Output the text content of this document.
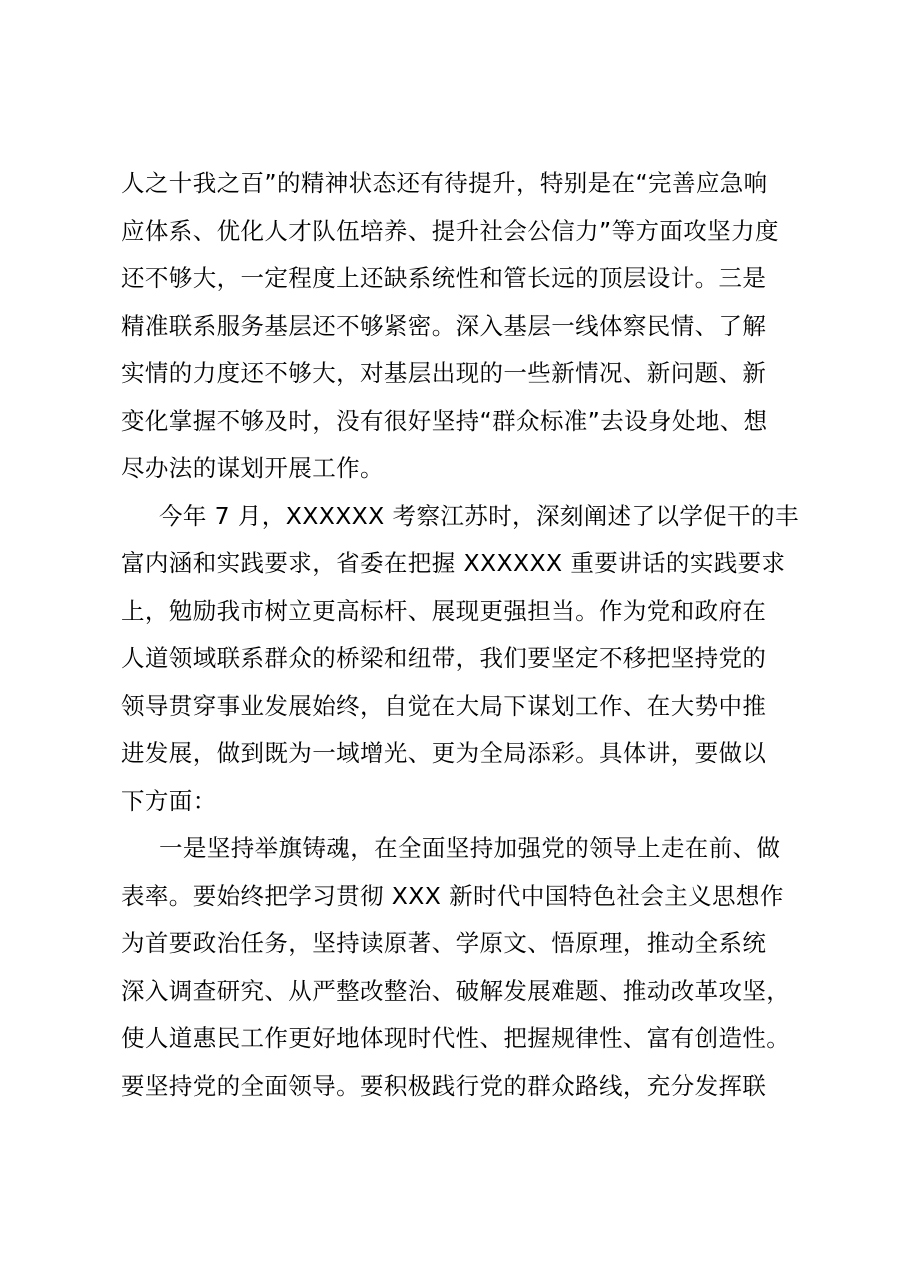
人之十我之百”的精神状态还有待提升，特别是在“完善应急响
应体系、优化人才队伍培养、提升社会公信力”等方面攻坚力度
还不够大，一定程度上还缺系统性和管长远的顶层设计。三是
精准联系服务基层还不够紧密。深入基层一线体察民情、了解
实情的力度还不够大，对基层出现的一些新情况、新问题、新
变化掌握不够及时，没有很好坚持“群众标准”去设身处地、想
尽办法的谋划开展工作。
今年 7 月，XXXXXX 考察江苏时，深刻阐述了以学促干的丰
富内涵和实践要求，省委在把握 XXXXXX 重要讲话的实践要求
上，勉励我市树立更高标杆、展现更强担当。作为党和政府在
人道领域联系群众的桥梁和纽带，我们要坚定不移把坚持党的
领导贯穿事业发展始终，自觉在大局下谋划工作、在大势中推
进发展，做到既为一域增光、更为全局添彩。具体讲，要做以
下方面：
一是坚持举旗铸魂，在全面坚持加强党的领导上走在前、做
表率。要始终把学习贯彻 XXX 新时代中国特色社会主义思想作
为首要政治任务，坚持读原著、学原文、悟原理，推动全系统
深入调查研究、从严整改整治、破解发展难题、推动改革攻坚，
使人道惠民工作更好地体现时代性、把握规律性、富有创造性。
要坚持党的全面领导。要积极践行党的群众路线，充分发挥联
